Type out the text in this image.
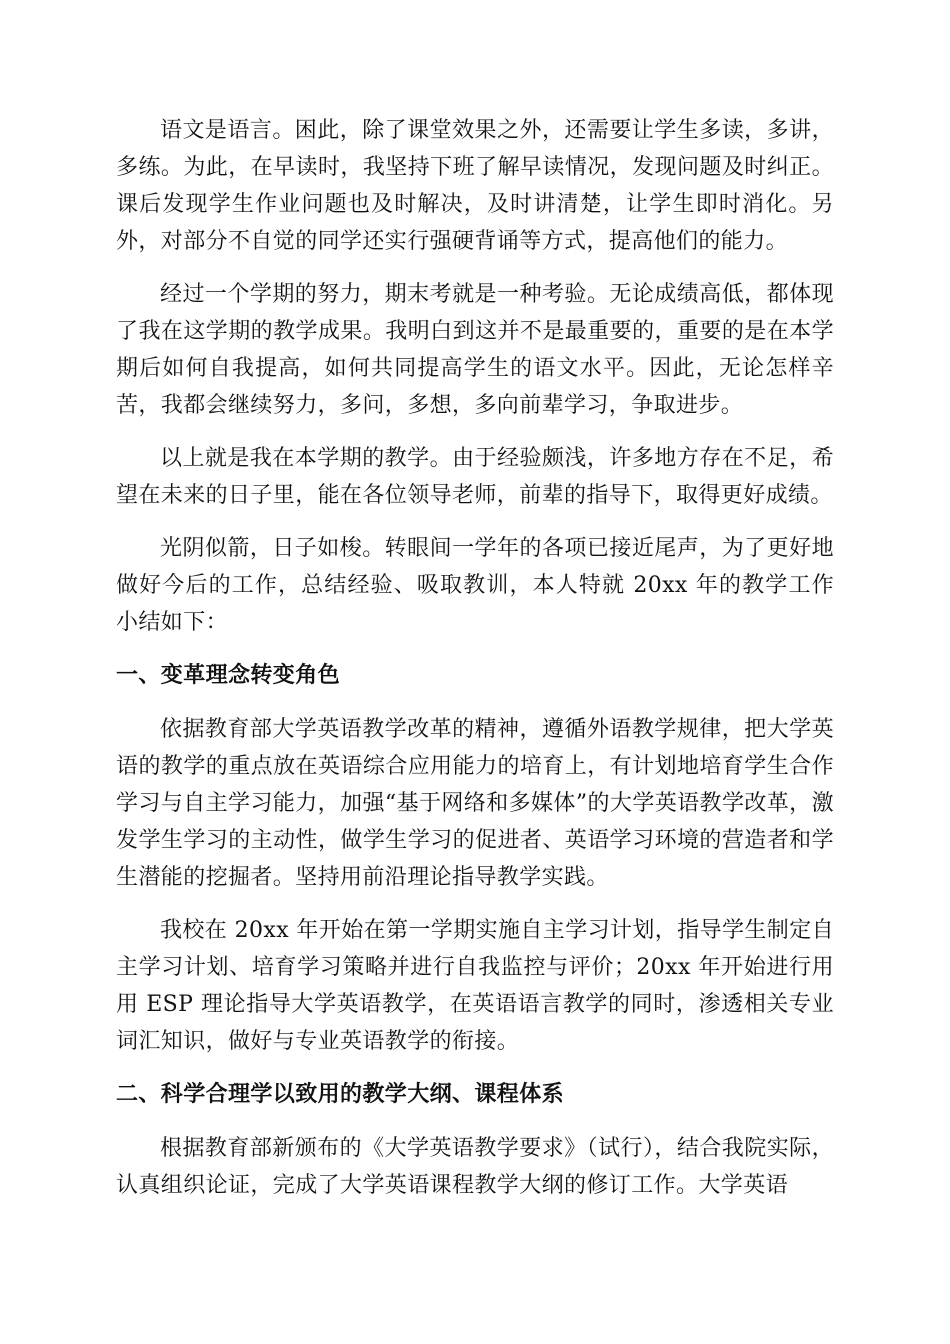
语文是语言。困此，除了课堂效果之外，还需要让学生多读，多讲，多练。为此，在早读时，我坚持下班了解早读情况，发现问题及时纠正。课后发现学生作业问题也及时解决，及时讲清楚，让学生即时消化。另外，对部分不自觉的同学还实行强硬背诵等方式，提高他们的能力。

经过一个学期的努力，期末考就是一种考验。无论成绩高低，都体现了我在这学期的教学成果。我明白到这并不是最重要的，重要的是在本学期后如何自我提高，如何共同提高学生的语文水平。因此，无论怎样辛苦，我都会继续努力，多问，多想，多向前辈学习，争取进步。

以上就是我在本学期的教学。由于经验颇浅，许多地方存在不足，希望在未来的日子里，能在各位领导老师，前辈的指导下，取得更好成绩。

光阴似箭，日子如梭。转眼间一学年的各项已接近尾声，为了更好地做好今后的工作，总结经验、吸取教训，本人特就 20xx 年的教学工作小结如下：

一、变革理念转变角色

依据教育部大学英语教学改革的精神，遵循外语教学规律，把大学英语的教学的重点放在英语综合应用能力的培育上，有计划地培育学生合作学习与自主学习能力，加强“基于网络和多媒体”的大学英语教学改革，激发学生学习的主动性，做学生学习的促进者、英语学习环境的营造者和学生潜能的挖掘者。坚持用前沿理论指导教学实践。

我校在 20xx 年开始在第一学期实施自主学习计划，指导学生制定自主学习计划、培育学习策略并进行自我监控与评价；20xx 年开始进行用用 ESP 理论指导大学英语教学，在英语语言教学的同时，渗透相关专业词汇知识，做好与专业英语教学的衔接。

二、科学合理学以致用的教学大纲、课程体系

根据教育部新颁布的《大学英语教学要求》（试行），结合我院实际，认真组织论证，完成了大学英语课程教学大纲的修订工作。大学英语
